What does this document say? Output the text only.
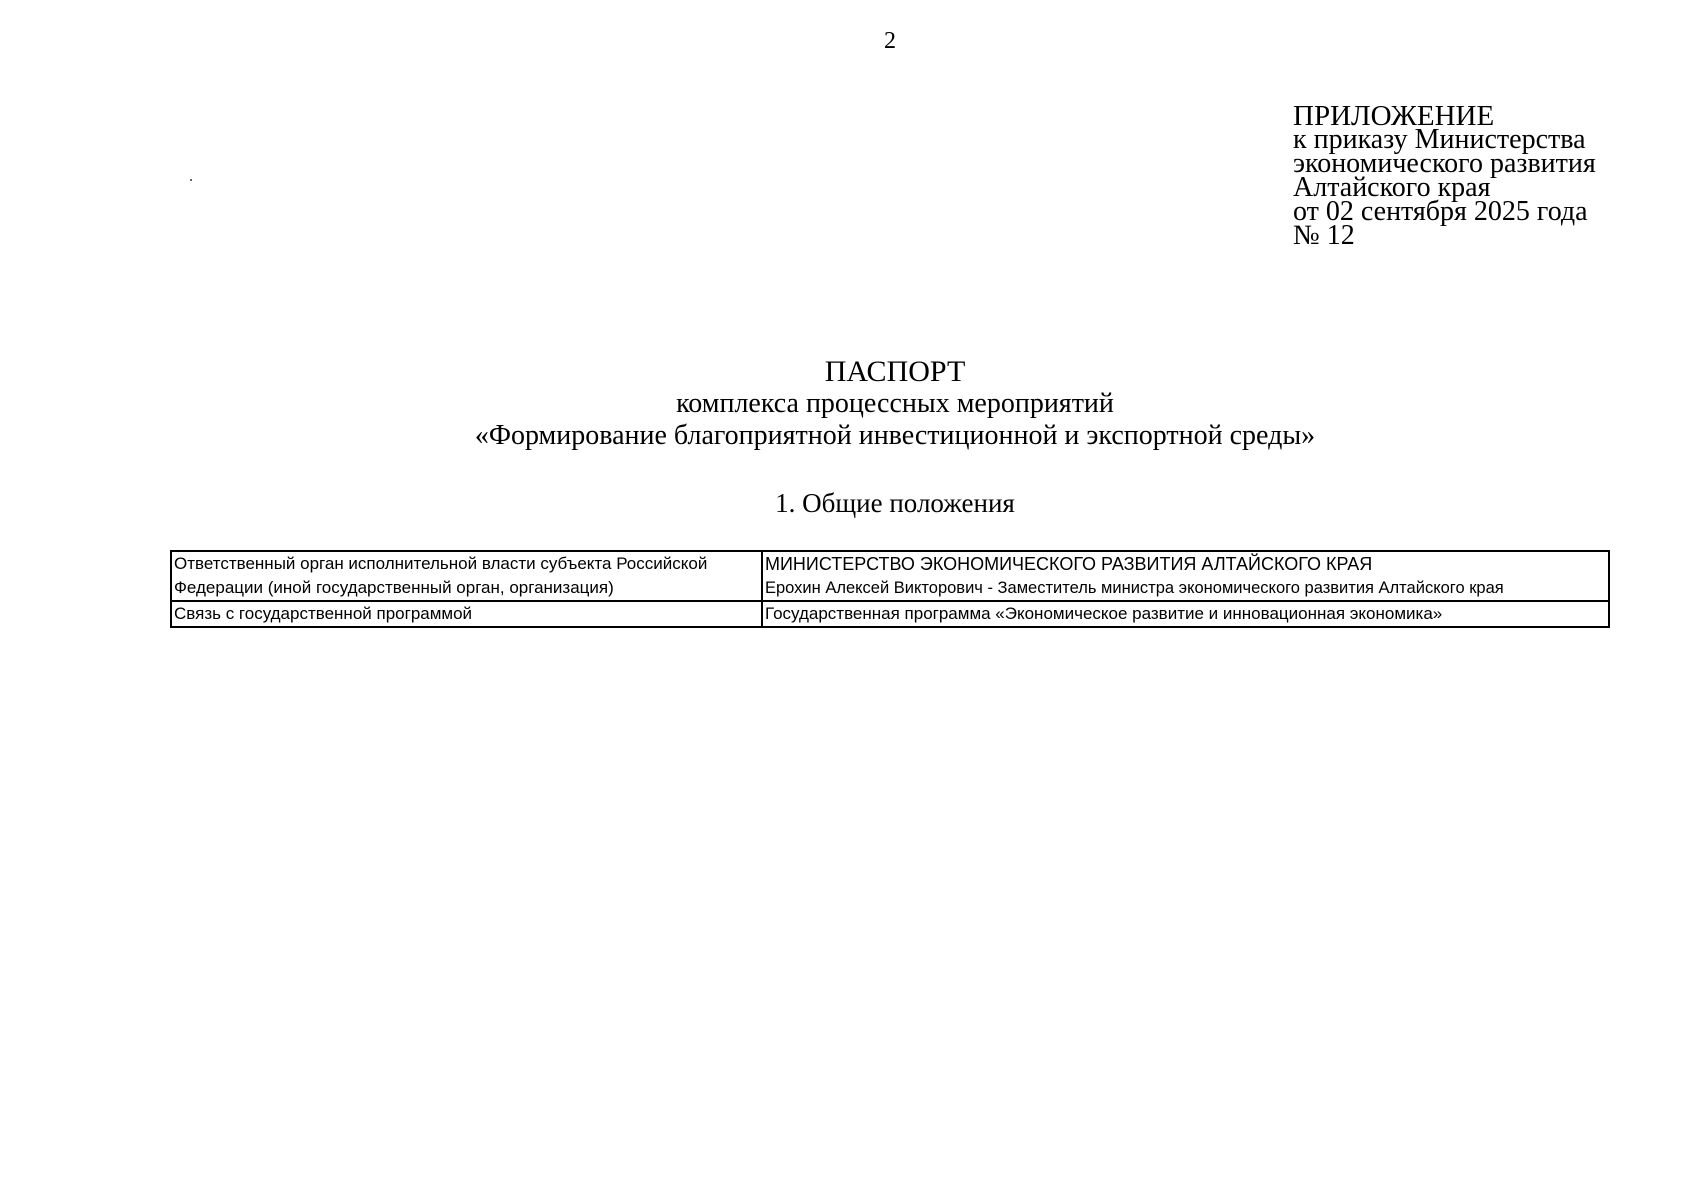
2
ПРИЛОЖЕНИЕ
к приказу Министерства
экономического развития
Алтайского края
от 02 сентября 2025 года
№ 12
ПАСПОРТ
комплекса процессных мероприятий
«Формирование благоприятной инвестиционной и экспортной среды»
1. Общие положения
Ответственный орган исполнительной власти субъекта Российской Федерации (иной государственный орган, организация)	МИНИСТЕРСТВО ЭКОНОМИЧЕСКОГО РАЗВИТИЯ АЛТАЙСКОГО КРАЯ
Ерохин Алексей Викторович - Заместитель министра экономического развития Алтайского края

Связь с государственной программой	Государственная программа «Экономическое развитие и инновационная экономика»
